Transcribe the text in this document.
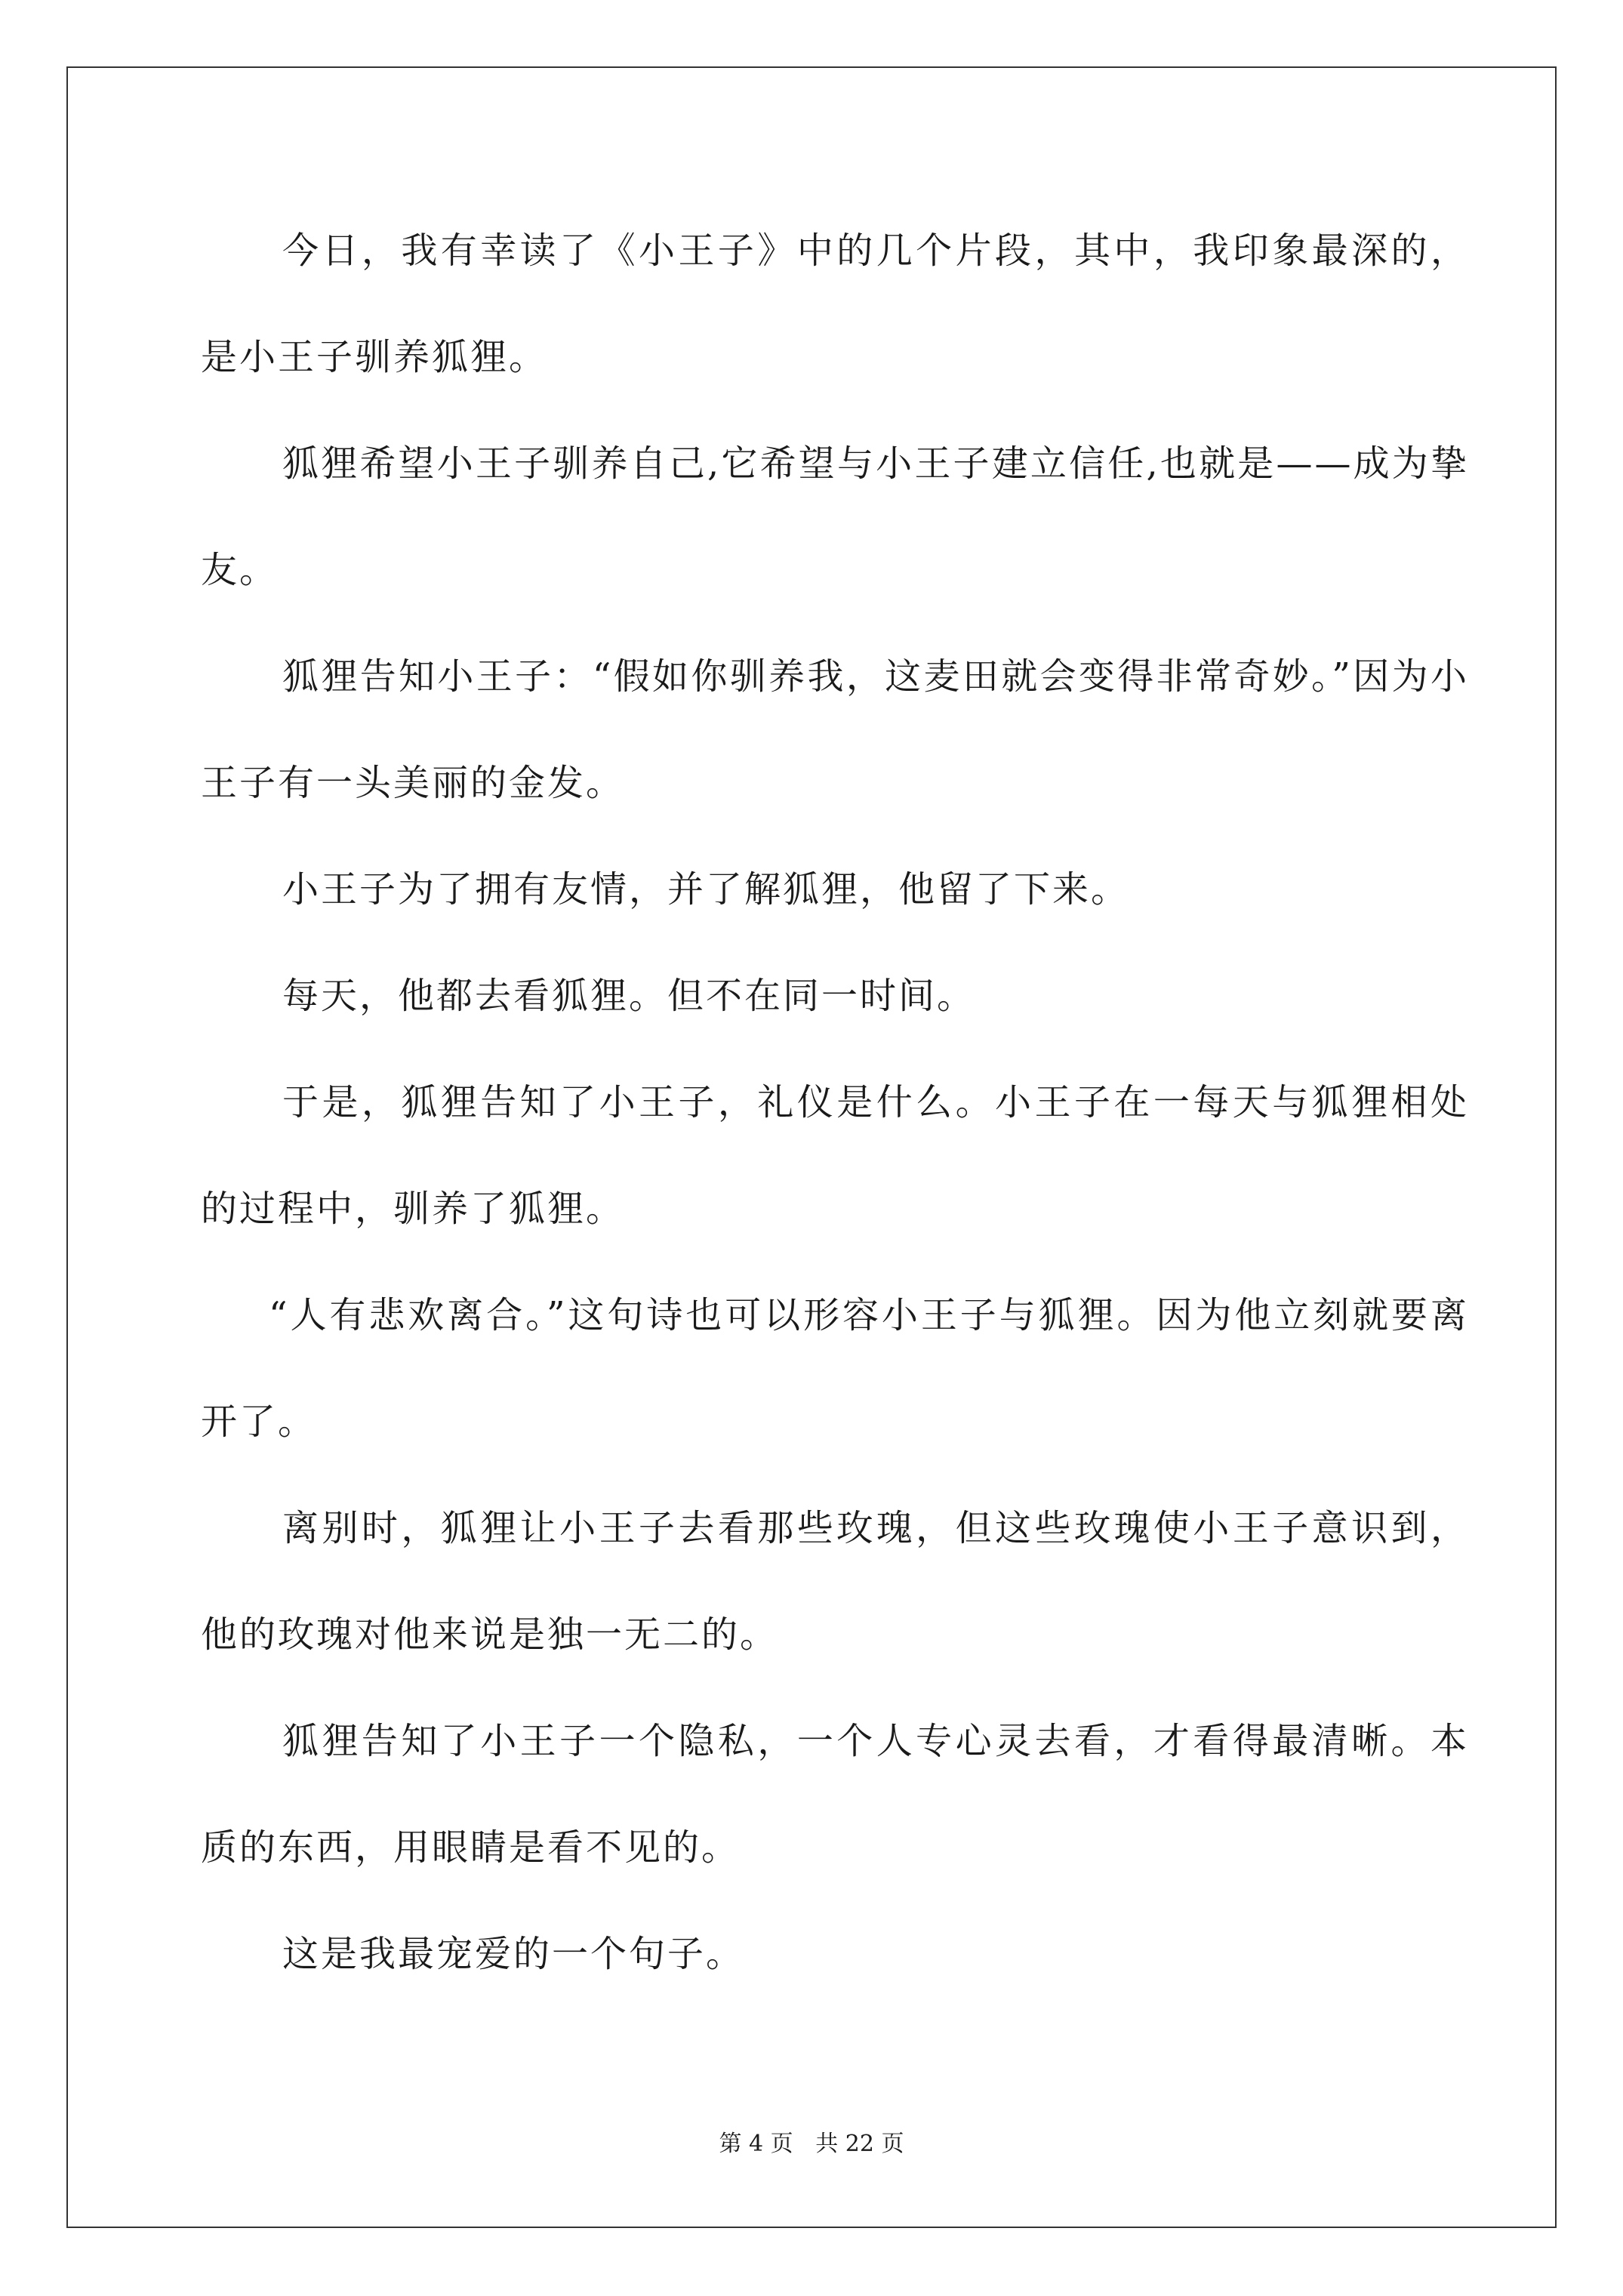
今日，我有幸读了《小王子》中的几个片段，其中，我印象最深的，是小王子驯养狐狸。

狐狸希望小王子驯养自己,它希望与小王子建立信任,也就是——成为挚友。

狐狸告知小王子：“假如你驯养我，这麦田就会变得非常奇妙。”因为小王子有一头美丽的金发。

小王子为了拥有友情，并了解狐狸，他留了下来。

每天，他都去看狐狸。但不在同一时间。

于是，狐狸告知了小王子，礼仪是什么。小王子在一每天与狐狸相处的过程中，驯养了狐狸。

“人有悲欢离合。”这句诗也可以形容小王子与狐狸。因为他立刻就要离开了。

离别时，狐狸让小王子去看那些玫瑰，但这些玫瑰使小王子意识到，他的玫瑰对他来说是独一无二的。

狐狸告知了小王子一个隐私，一个人专心灵去看，才看得最清晰。本质的东西，用眼睛是看不见的。

这是我最宠爱的一个句子。

第 4 页 共 22 页
